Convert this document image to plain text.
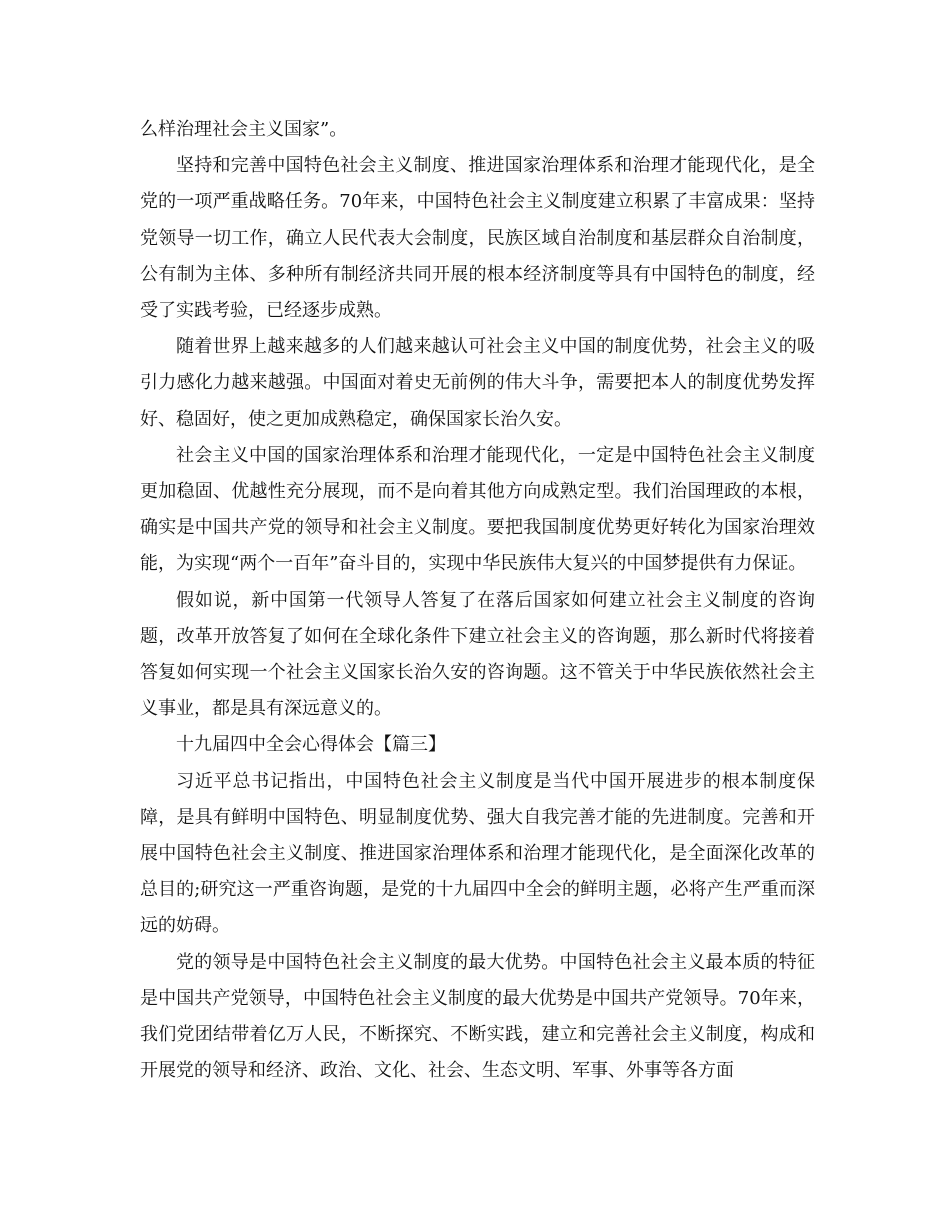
么样治理社会主义国家”。

坚持和完善中国特色社会主义制度、推进国家治理体系和治理才能现代化，是全党的一项严重战略任务。70年来，中国特色社会主义制度建立积累了丰富成果：坚持党领导一切工作，确立人民代表大会制度，民族区域自治制度和基层群众自治制度，公有制为主体、多种所有制经济共同开展的根本经济制度等具有中国特色的制度，经受了实践考验，已经逐步成熟。

随着世界上越来越多的人们越来越认可社会主义中国的制度优势，社会主义的吸引力感化力越来越强。中国面对着史无前例的伟大斗争，需要把本人的制度优势发挥好、稳固好，使之更加成熟稳定，确保国家长治久安。

社会主义中国的国家治理体系和治理才能现代化，一定是中国特色社会主义制度更加稳固、优越性充分展现，而不是向着其他方向成熟定型。我们治国理政的本根，确实是中国共产党的领导和社会主义制度。要把我国制度优势更好转化为国家治理效能，为实现“两个一百年”奋斗目的，实现中华民族伟大复兴的中国梦提供有力保证。

假如说，新中国第一代领导人答复了在落后国家如何建立社会主义制度的咨询题，改革开放答复了如何在全球化条件下建立社会主义的咨询题，那么新时代将接着答复如何实现一个社会主义国家长治久安的咨询题。这不管关于中华民族依然社会主义事业，都是具有深远意义的。

十九届四中全会心得体会【篇三】

习近平总书记指出，中国特色社会主义制度是当代中国开展进步的根本制度保障，是具有鲜明中国特色、明显制度优势、强大自我完善才能的先进制度。完善和开展中国特色社会主义制度、推进国家治理体系和治理才能现代化，是全面深化改革的总目的;研究这一严重咨询题，是党的十九届四中全会的鲜明主题，必将产生严重而深远的妨碍。

党的领导是中国特色社会主义制度的最大优势。中国特色社会主义最本质的特征是中国共产党领导，中国特色社会主义制度的最大优势是中国共产党领导。70年来，我们党团结带着亿万人民，不断探究、不断实践，建立和完善社会主义制度，构成和开展党的领导和经济、政治、文化、社会、生态文明、军事、外事等各方面
